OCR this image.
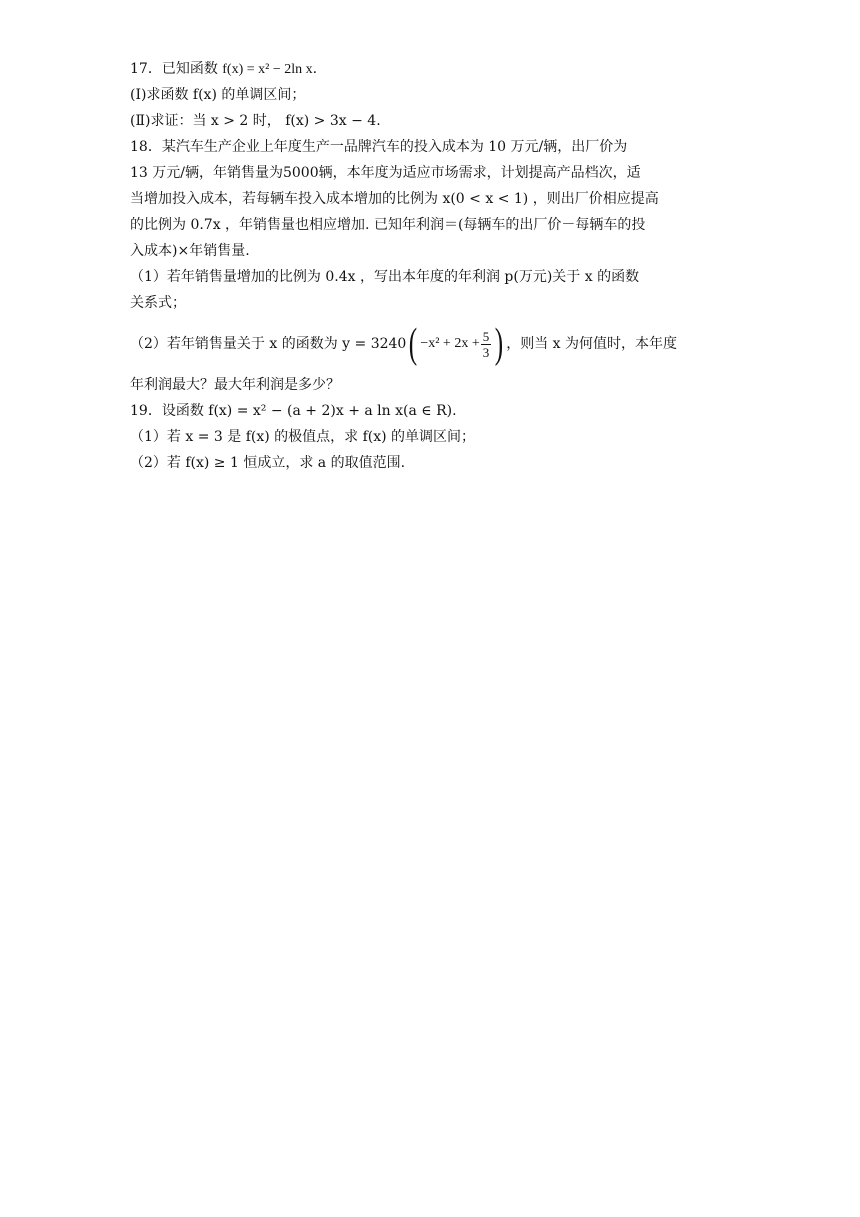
17．已知函数 f(x) = x² − 2ln x.
(Ⅰ)求函数 f(x) 的单调区间；
(Ⅱ)求证：当 x > 2 时， f(x) > 3x − 4.
18．某汽车生产企业上年度生产一品牌汽车的投入成本为 10 万元/辆，出厂价为
13 万元/辆，年销售量为5000辆，本年度为适应市场需求，计划提高产品档次，适
当增加投入成本，若每辆车投入成本增加的比例为 x(0 < x < 1) ，则出厂价相应提高
的比例为 0.7x ，年销售量也相应增加. 已知年利润＝(每辆车的出厂价－每辆车的投
入成本)×年销售量.
（1）若年销售量增加的比例为 0.4x ，写出本年度的年利润 p(万元)关于 x 的函数
关系式；
（2）若年销售量关于 x 的函数为 y = 3240 ( $-x^2 + 2x + \frac{5}{3}$ ) ，则当 x 为何值时，本年度
年利润最大？最大年利润是多少？
19．设函数 f(x) = x² − (a + 2)x + a ln x(a ∈ R).
（1）若 x = 3 是 f(x) 的极值点，求 f(x) 的单调区间；
（2）若 f(x) ≥ 1 恒成立，求 a 的取值范围.
